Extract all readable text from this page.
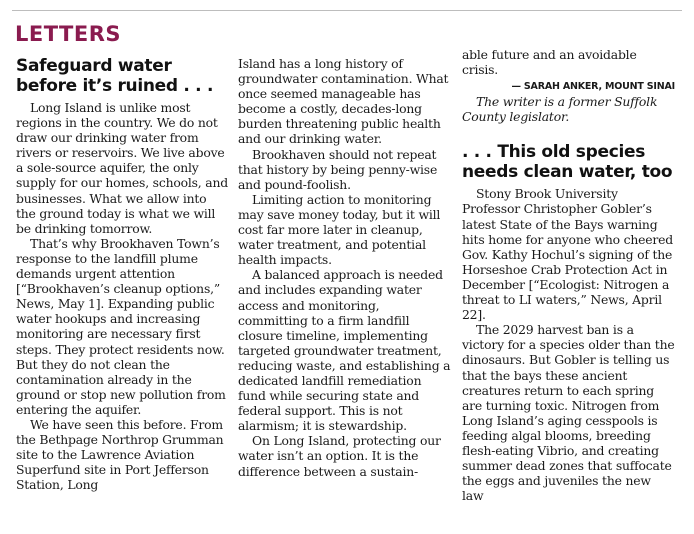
LETTERS
Safeguard water
before it’s ruined . . .

Long Island is unlike most regions in the country. We do not draw our drinking water from rivers or reservoirs. We live above a sole-source aquifer, the only supply for our homes, schools, and businesses. What we allow into the ground today is what we will be drinking tomorrow.

That’s why Brookhaven Town’s response to the landfill plume demands urgent attention [“Brookhaven’s cleanup options,” News, May 1]. Expanding public water hookups and increasing monitoring are necessary first steps. They protect residents now. But they do not clean the contamination already in the ground or stop new pollution from entering the aquifer.

We have seen this before. From the Bethpage Northrop Grumman site to the Lawrence Aviation Superfund site in Port Jefferson Station, Long

Island has a long history of groundwater contamination. What once seemed manageable has become a costly, decades-long burden threatening public health and our drinking water.

Brookhaven should not repeat that history by being penny-wise and pound-foolish.

Limiting action to monitoring may save money today, but it will cost far more later in cleanup, water treatment, and potential health impacts.

A balanced approach is needed and includes expanding water access and monitoring, committing to a firm landfill closure timeline, implementing targeted groundwater treatment, reducing waste, and establishing a dedicated landfill remediation fund while securing state and federal support. This is not alarmism; it is stewardship.

On Long Island, protecting our water isn’t an option. It is the difference between a sustain-

able future and an avoidable crisis.

— SARAH ANKER, MOUNT SINAI

The writer is a former Suffolk County legislator.

. . . This old species
needs clean water, too

Stony Brook University Professor Christopher Gobler’s latest State of the Bays warning hits home for anyone who cheered Gov. Kathy Hochul’s signing of the Horseshoe Crab Protection Act in December [“Ecologist: Nitrogen a threat to LI waters,” News, April 22].

The 2029 harvest ban is a victory for a species older than the dinosaurs. But Gobler is telling us that the bays these ancient creatures return to each spring are turning toxic. Nitrogen from Long Island’s aging cesspools is feeding algal blooms, breeding flesh-eating Vibrio, and creating summer dead zones that suffocate the eggs and juveniles the new law
